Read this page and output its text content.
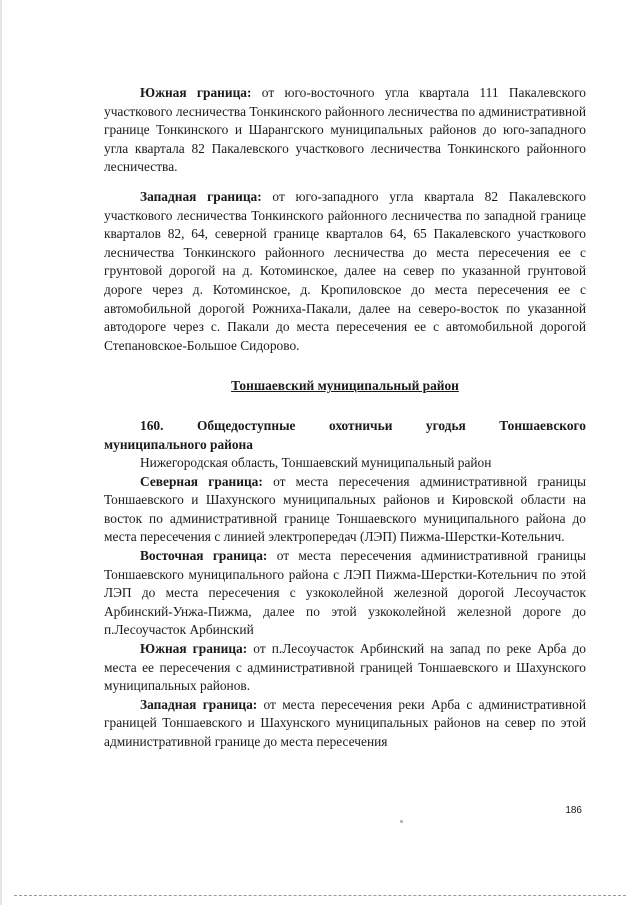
Южная граница: от юго-восточного угла квартала 111 Пакалевского участкового лесничества Тонкинского районного лесничества по административной границе Тонкинского и Шарангского муниципальных районов до юго-западного угла квартала 82 Пакалевского участкового лесничества Тонкинского районного лесничества.

Западная граница: от юго-западного угла квартала 82 Пакалевского участкового лесничества Тонкинского районного лесничества по западной границе кварталов 82, 64, северной границе кварталов 64, 65 Пакалевского участкового лесничества Тонкинского районного лесничества до места пересечения ее с грунтовой дорогой на д. Котоминское, далее на север по указанной грунтовой дороге через д. Котоминское, д. Кропиловское до места пересечения ее с автомобильной дорогой Рожниха-Пакали, далее на северо-восток по указанной автодороге через с. Пакали до места пересечения ее с автомобильной дорогой Степановское-Большое Сидорово.

Тоншаевский муниципальный район

160. Общедоступные охотничьи угодья Тоншаевского

муниципального района

Нижегородская область, Тоншаевский муниципальный район

Северная граница: от места пересечения административной границы Тоншаевского и Шахунского муниципальных районов и Кировской области на восток по административной границе Тоншаевского муниципального района до места пересечения с линией электропередач (ЛЭП) Пижма-Шерстки-Котельнич.

Восточная граница: от места пересечения административной границы Тоншаевского муниципального района с ЛЭП Пижма-Шерстки-Котельнич по этой ЛЭП до места пересечения с узкоколейной железной дорогой Лесоучасток Арбинский-Унжа-Пижма, далее по этой узкоколейной железной дороге до п.Лесоучасток Арбинский

Южная граница: от п.Лесоучасток Арбинский на запад по реке Арба до места ее пересечения с административной границей Тоншаевского и Шахунского муниципальных районов.

Западная граница: от места пересечения реки Арба с административной границей Тоншаевского и Шахунского муниципальных районов на север по этой административной границе до места пересечения

186
